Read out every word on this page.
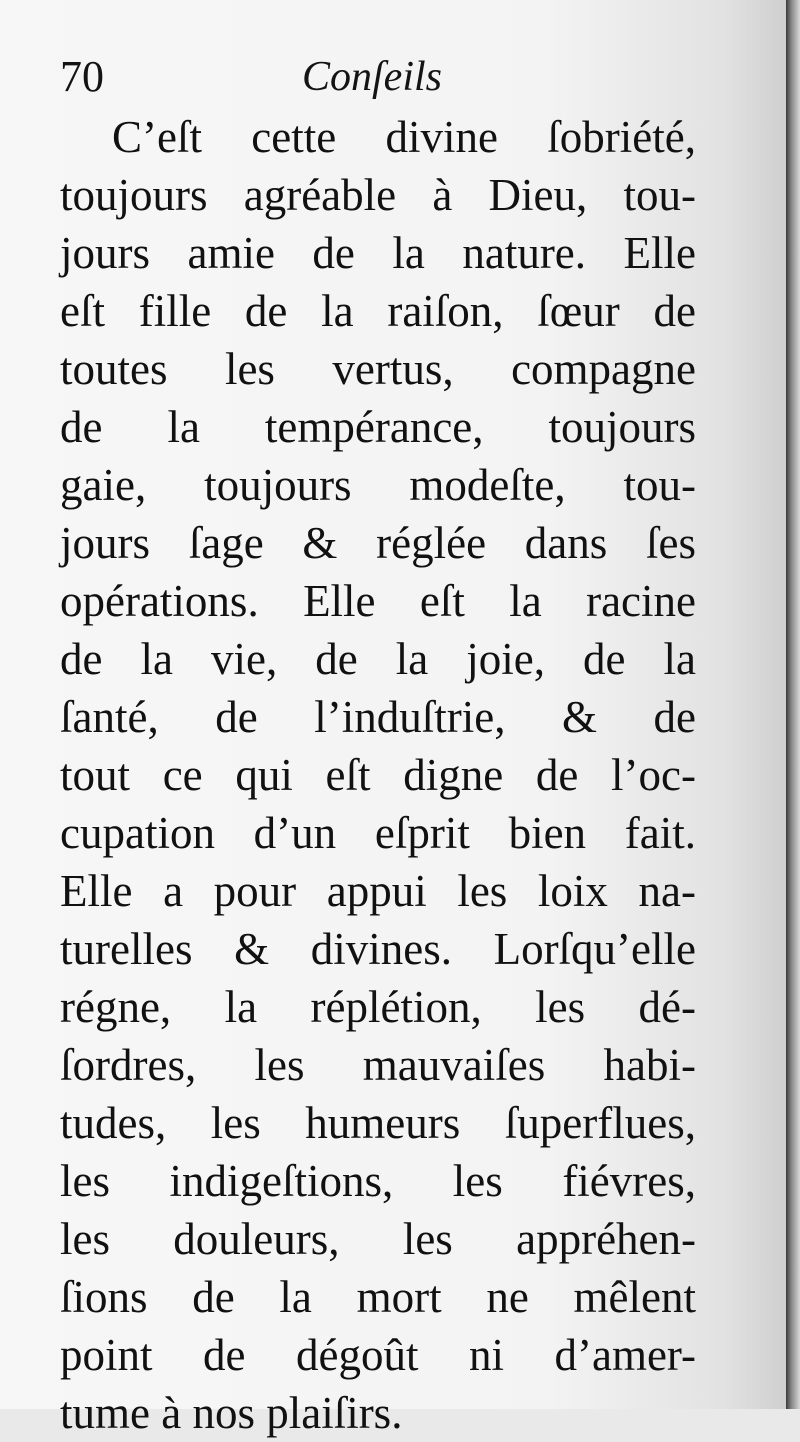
70	Conſeils
C’eſt cette divine ſobriété,
toujours agréable à Dieu, tou-
jours amie de la nature. Elle
eſt fille de la raiſon, ſœur de
toutes les vertus, compagne
de la tempérance, toujours
gaie, toujours modeſte, tou-
jours ſage & réglée dans ſes
opérations. Elle eſt la racine
de la vie, de la joie, de la
ſanté, de l’induſtrie, & de
tout ce qui eſt digne de l’oc-
cupation d’un eſprit bien fait.
Elle a pour appui les loix na-
turelles & divines. Lorſqu’elle
régne, la réplétion, les dé-
ſordres, les mauvaiſes habi-
tudes, les humeurs ſuperflues,
les indigeſtions, les fiévres,
les douleurs, les appréhen-
ſions de la mort ne mêlent
point de dégoût ni d’amer-
tume à nos plaiſirs.
